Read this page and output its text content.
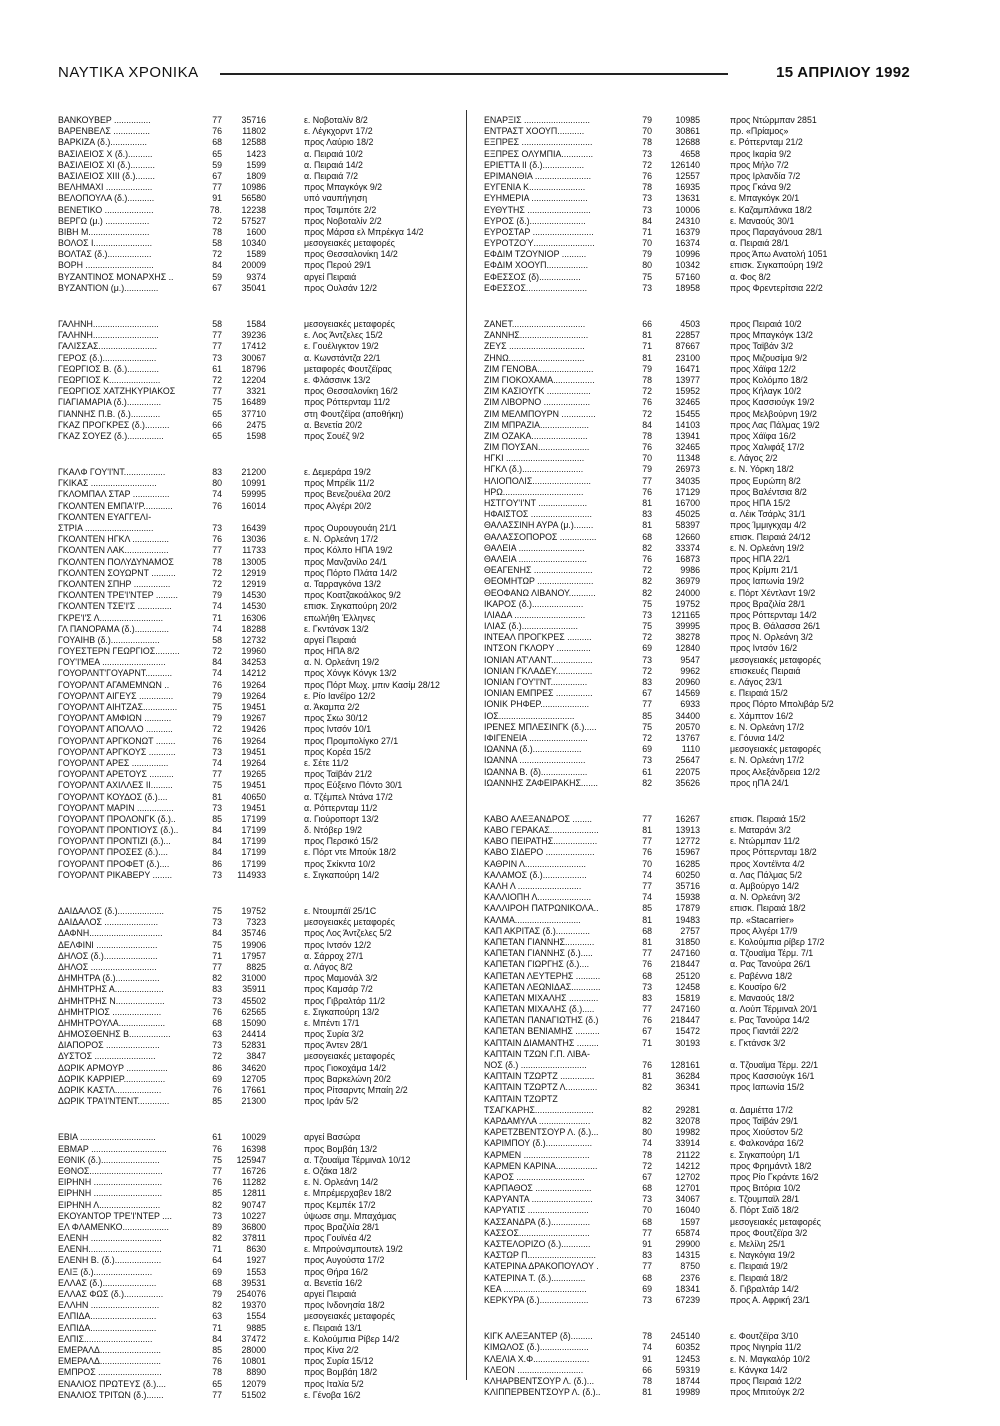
ΝΑΥΤΙΚΑ ΧΡΟΝΙΚΑ	15 ΑΠΡΙΛΙΟΥ 1992
ΒΑΝΚΟΥΒΕΡ ...............	77	35716	ε. Νοβοταλίν 8/2
ΒΑΡΕΝΒΕΛΣ ...............	76	11802	ε. Λέγκχορντ 17/2
ΒΑΡΚΙΖΑ (δ.)...............	68	12588	προς Λαύριο 18/2
ΒΑΣΙΛΕΙΟΣ Χ (δ.)..........	65	1423	α. Πειραιά 10/2
ΒΑΣΙΛΕΙΟΣ ΧΙ (δ.)..........	59	1599	α. Πειραιά 14/2
ΒΑΣΙΛΕΙΟΣ ΧΙΙΙ (δ.)........	67	1809	α. Πειραιά 7/2
ΒΕΛΗΜΑΧΙ ...................	77	10986	προς Μπαγκόγκ 9/2
ΒΕΛΟΠΟΥΛΑ (δ.)...........	91	56580	υπό ναυπήγηση
ΒΕΝΕΤΙΚΟ ....................	78.	12238	προς Τσιμπότε 2/2
ΒΕΡΓΩ (μ.) ..................	72	57527	προς Νοβοταλίν 2/2
ΒΙΒΗ Μ.........................	78	1600	προς Μάρσα ελ Μπρέκγα 14/2
ΒΟΛΟΣ Ι........................	58	10340	μεσογειακές μεταφορές
ΒΟΛΤΑΣ (δ.)..................	72	1589	προς Θεσσαλονίκη 14/2
ΒΟΡΗ ............................	84	20009	προς Περού 29/1
ΒΥΖΑΝΤΙΝΟΣ ΜΟΝΑΡΧΗΣ ..	59	9374	αργεί Πειραιά
ΒΥΖΑΝΤΙΟΝ (μ.)..............	67	35041	προς Ουλσάν 12/2
ΓΑΛΗΝΗ...........................	58	1584	μεσογειακές μεταφορές
ΓΑΛΗΝΗ...........................	77	39236	ε. Λος Άντζελες 15/2
ΓΑΛΙΣΣΑΣ........................	77	17412	ε. Γουέλιγκτον 19/2
ΓΕΡΟΣ (δ.)......................	73	30067	α. Κωνστάντζα 22/1
ΓΕΩΡΓΙΟΣ Β. (δ.).............	61	18796	μεταφορές Φουτζέϊρας
ΓΕΩΡΓΙΟΣ Κ.....................	72	12204	ε. Φλάσσινκ 13/2
ΓΕΩΡΓΙΟΣ ΧΑΤΖΗΚΥΡΙΑΚΟΣ	77	3321	προς Θεσσαλονίκη 16/2
ΓΙΑΓΙΑΜΑΡΙΑ (δ.)..............	75	16489	προς Ρόττερνταμ 11/2
ΓΙΑΝΝΗΣ Π.Β. (δ.)............	65	37710	στη Φουτζέϊρα (αποθήκη)
ΓΚΑΖ ΠΡΟΓΚΡΕΣ (δ.)..........	66	2475	α. Βενετία 20/2
ΓΚΑΖ ΣΟΥΕΖ (δ.)...............	65	1598	προς Σουέζ 9/2
ΓΚΑΛΦ ΓΟΥ'Ι'ΝΤ.................	83	21200	ε. Δεμεράρα 19/2
ΓΚΙΚΑΣ ...........................	80	10991	προς Μπρέϊκ 11/2
ΓΚΛΟΜΠΑΛ ΣΤΑΡ ...............	74	59995	προς Βενεζουέλα 20/2
ΓΚΟΛΝΤΕΝ ΕΜΠΑ'Ι'Ρ............	76	16014	προς Αλγέρι 20/2
ΓΚΟΛΝΤΕΝ ΕΥΑΓΓΕΛΙ-
ΣΤΡΙΑ ............................	73	16439	προς Ουρουγουάη 21/1
ΓΚΟΛΝΤΕΝ ΗΓΚΛ ...............	76	13036	ε. Ν. Ορλεάνη 17/2
ΓΚΟΛΝΤΕΝ ΛΑΚ..................	77	11733	προς Κόλπο ΗΠΑ 19/2
ΓΚΟΛΝΤΕΝ ΠΟΛΥΔΥΝΑΜΟΣ	78	13005	προς Μανζανίλο 24/1
ΓΚΟΛΝΤΕΝ ΣΟΥΩΡΝΤ ..........	72	12919	προς Πόρτο Πλάτα 14/2
ΓΚΟΛΝΤΕΝ ΣΠΗΡ ...............	72	12919	α. Ταρραγκόνα 13/2
ΓΚΟΛΝΤΕΝ ΤΡΕ'Ι'ΝΤΕΡ .........	79	14530	προς Κοατζακοάλκος 9/2
ΓΚΟΛΝΤΕΝ ΤΣΕ'Ι'Σ ..............	74	14530	επισκ. Σιγκαπούρη 20/2
ΓΚΡΕ'Ι'Σ Λ..........................	71	16306	επωλήθη Έλληνες
ΓΛ ΠΑΝΟΡΑΜΑ (δ.)..............	74	18288	ε. Γκντάνσκ 13/2
ΓΟΥΑΙΗΒ (δ.)....................	58	12732	αργεί Πειραιά
ΓΟΥΕΣΤΕΡΝ ΓΕΩΡΓΙΟΣ..........	72	19960	προς ΗΠΑ 8/2
ΓΟΥ'Ι'ΜΕΑ ..........................	84	34253	α. Ν. Ορλεάνη 19/2
ΓΟΥΟΡΛΝΤ'ΓΟΥΑΡΝΤ...........	74	14212	προς Χόνγκ Κόνγκ 13/2
ΓΟΥΟΡΛΝΤ ΑΓΑΜΕΜΝΩΝ ..	76	19264	προς Πόρτ Μωχ. μπιν Κασίμ 28/12
ΓΟΥΟΡΛΝΤ ΑΙΓΕΥΣ ..............	79	19264	ε. Ρίο Ιανέϊρο 12/2
ΓΟΥΟΡΛΝΤ ΑΙΗΤΖΑΣ..............	75	19451	α. Άκαμπα 2/2
ΓΟΥΟΡΛΝΤ ΑΜΦΙΩΝ ...........	79	19267	προς Σκω 30/12
ΓΟΥΟΡΛΝΤ ΑΠΟΛΛΟ ...........	72	19426	προς Ιντσόν 10/1
ΓΟΥΟΡΛΝΤ ΑΡΓΚΟΝΩΤ ........	76	19264	προς Προμπολίγκο 27/1
ΓΟΥΟΡΛΝΤ ΑΡΓΚΟΥΣ ...........	73	19451	προς Κορέα 15/2
ΓΟΥΟΡΛΝΤ ΑΡΕΣ ...............	74	19264	ε. Σέτε 11/2
ΓΟΥΟΡΛΝΤ ΑΡΕΤΟΥΣ ..........	77	19265	προς Ταϊβάν 21/2
ΓΟΥΟΡΛΝΤ ΑΧΙΛΛΕΣ ΙΙ.........	75	19451	προς Εύξεινο Πόντο 30/1
ΓΟΥΟΡΛΝΤ ΚΟΥΔΟΣ (δ.)....	81	40650	α. Τζέμπελ Ντάνα 17/2
ΓΟΥΟΡΛΝΤ ΜΑΡΙΝ ...............	73	19451	α. Ρόττερνταμ 11/2
ΓΟΥΟΡΛΝΤ ΠΡΟΛΟΝΓΚ (δ.)..	85	17199	α. Γιούροπορτ 13/2
ΓΟΥΟΡΛΝΤ ΠΡΟΝΤΙΟΥΣ (δ.)..	84	17199	δ. Ντόβερ 19/2
ΓΟΥΟΡΛΝΤ ΠΡΟΝΤΙΖΙ (δ.)...	84	17199	προς Περσικό 15/2
ΓΟΥΟΡΛΝΤ ΠΡΟΣΕΣ (δ.)....	84	17199	ε. Πόρτ ντε Μπούκ 18/2
ΓΟΥΟΡΛΝΤ ΠΡΟΦΕΤ (δ.)....	86	17199	προς Σκίκντα 10/2
ΓΟΥΟΡΛΝΤ ΡΙΚΑΒΕΡΥ ........	73	114933	ε. Σιγκαπούρη 14/2
ΔΑΙΔΑΛΟΣ (δ.)...................	75	19752	ε. Ντουμπάϊ 25/1C
ΔΑΙΔΑΛΟΣ ......................	73	7323	μεσογειακές μεταφορές
ΔΑΦΝΗ..............................	84	35746	προς Λος Άντζελες 5/2
ΔΕΛΦΙΝΙ .........................	75	19906	προς Ιντσόν 12/2
ΔΗΛΟΣ (δ.)......................	71	17957	α. Σάρροχ 27/1
ΔΗΛΟΣ ...........................	77	8825	α. Λάγος 8/2
ΔΗΜΗΤΡΑ (δ.)..................	82	31000	προς Μαμονάλ 3/2
ΔΗΜΗΤΡΗΣ Α....................	83	35911	προς Καμσάρ 7/2
ΔΗΜΗΤΡΗΣ Ν....................	73	45502	προς Γιβραλτάρ 11/2
ΔΗΜΗΤΡΙΟΣ ....................	76	62565	ε. Σιγκαπούρη 13/2
ΔΗΜΗΤΡΟΥΛΑ...................	68	15090	ε. Μπέντι 17/1
ΔΗΜΟΣΘΕΝΗΣ Β.................	63	24414	προς Συρία 3/2
ΔΙΑΠΟΡΟΣ ......................	73	52831	προς Άντεν 28/1
ΔΥΣΤΟΣ .........................	72	3847	μεσογειακές μεταφορές
ΔΩΡΙΚ ΑΡΜΟΥΡ .................	86	34620	προς Γιοκοχάμα 14/2
ΔΩΡΙΚ ΚΑΡΡΙΕΡ.................	69	12705	προς Βαρκελώνη 20/2
ΔΩΡΙΚ ΚΑΣΤΛ...................	76	17661	προς Ρίτσαρντς Μπαίη 2/2
ΔΩΡΙΚ ΤΡΑ'Ι'ΝΤΕΝΤ.............	85	21300	προς Ιράν 5/2
ΕΒΙΑ ...............................	61	10029	αργεί Βασώρα
ΕΒΜΑΡ ...............................	76	16398	προς Βομβάη 13/2
ΕΘΝΙΚ (δ.)........................	75	125947	α. Τζουαϊμα Τέρμιναλ 10/12
ΕΘΝΟΣ..............................	77	16726	ε. Οζάκα 18/2
ΕΙΡΗΝΗ ............................	76	11282	ε. Ν. Ορλεάνη 14/2
ΕΙΡΗΝΗ ............................	85	12811	ε. Μπρέμερχαβεν 18/2
ΕΙΡΗΝΗ Λ.........................	82	90747	προς Κεμπέκ 17/2
ΕΚΟΥΑΝΤΟΡ ΤΡΕ'Ι'ΝΤΕΡ ....	73	10227	ύψωσε σημ. Μπαχάμας
ΕΛ ΦΛΑΜΕΝΚΟ...................	89	36800	προς Βραζιλία 28/1
ΕΛΕΝΗ .............................	82	37811	προς Γουϊνέα 4/2
ΕΛΕΝΗ..............................	71	8630	ε. Μπρούνσμπουτελ 19/2
ΕΛΕΝΗ Β. (δ.)...................	64	1927	προς Αυγούστα 17/2
ΕΛΙΞ (δ.)........................	69	1553	προς Θήρα 16/2
ΕΛΛΑΣ (δ.)......................	68	39531	α. Βενετία 16/2
ΕΛΛΑΣ ΦΩΣ (δ.)................	79	254076	αργεί Πειραιά
ΕΛΛΗΝ ............................	82	19370	προς Ινδονησία 18/2
ΕΛΠΙΔΑ...........................	63	1554	μεσογειακές μεταφορές
ΕΛΠΙΔΑ...........................	71	9885	ε. Πειραιά 13/1
ΕΛΠΙΣ............................	84	37472	ε. Κολούμπια Ρίβερ 14/2
ΕΜΕΡΑΛΔ.........................	85	28000	προς Κίνα 2/2
ΕΜΕΡΑΛΔ.........................	76	10801	προς Συρία 15/12
ΕΜΠΡΟΣ ..........................	78	8890	προς Βομβάη 18/2
ΕΝΑΛΙΟΣ ΠΡΩΤΕΥΣ (δ.)....	65	12079	προς Ιταλία 5/2
ΕΝΑΛΙΟΣ ΤΡΙΤΩΝ (δ.).......	77	51502	ε. Γένοβα 16/2
ΕΝΑΡΞΙΣ ...........................	79	10985	προς Ντώρμπαν 2851
ΕΝΤΡΑΣΤ ΧΟΟΥΠ...........	70	30861	πρ. «Πρίαμος»
ΕΞΠΡΕΣ .............................	78	12688	ε. Ρόττερνταμ 21/2
ΕΞΠΡΕΣ ΟΛΥΜΠΙΑ.............	73	4658	προς Ικαρία 9/2
ΕΡΙΕΤΤΑ ΙΙ (δ.).................	72	126140	προς Μήλο 7/2
ΕΡΙΜΑΝΘΙΑ .......................	76	12557	προς Ιρλανδία 7/2
ΕΥΓΕΝΙΑ Κ.......................	78	16935	προς Γκάνα 9/2
ΕΥΗΜΕΡΙΑ .......................	73	13631	ε. Μπαγκόγκ 20/1
ΕΥΘΥΤΗΣ ..........................	73	10006	ε. Καζαμπλάνκα 18/2
ΕΥΡΟΣ (δ.).......................	84	24310	ε. Μαναούς 30/1
ΕΥΡΟΣΤΑΡ .........................	71	16379	προς Παραγάνουα 28/1
ΕΥΡΟΤΖΟΎ.........................	70	16374	α. Πειραιά 28/1
ΕΦΔΙΜ ΤΖΟΥΝΙΟΡ ..........	79	10996	προς Άπω Ανατολή 1051
ΕΦΔΙΜ ΧΟΟΥΠ.................	80	10342	επισκ. Σιγκαπούρη 19/2
ΕΦΕΣΣΟΣ (δ).................	75	57160	α. Φος 8/2
ΕΦΕΣΣΟΣ.........................	73	18958	προς Φρεντερίτσια 22/2
ΖΑΝΕΤ..............................	66	4503	προς Πειραιά 10/2
ΖΑΝΝΗΣ............................	81	22857	προς Μπαγκόγκ 13/2
ΖΕΥΣ ...............................	71	87667	προς Ταϊβάν 3/2
ΖΗΝΩ...............................	81	23100	προς Μιζουσίμα 9/2
ΖΙΜ ΓΕΝΟΒΑ.......................	79	16471	προς Χάϊφα 12/2
ΖΙΜ ΓΙΟΚΟΧΑΜΑ.................	78	13977	προς Κολόμπο 18/2
ΖΙΜ ΚΑΣΙΟΥΓΚ ..................	72	15952	προς Κήλαγκ 10/2
ΖΙΜ ΛΙΒΟΡΝΟ ...................	76	32465	προς Κασσιούγκ 19/2
ΖΙΜ ΜΕΛΜΠΟΥΡΝ ..............	72	15455	προς Μελβούρνη 19/2
ΖΙΜ ΜΠΡΑΖΙΑ....................	84	14103	προς Λας Πάλμας 19/2
ΖΙΜ ΟΖΑΚΑ.......................	78	13941	προς Χάϊφα 16/2
ΖΙΜ ΠΟΥΣΑΝ.....................	76	32465	προς Χαλιφάξ 17/2
ΗΓΚΙ ................................	70	11348	ε. Λάγος 2/2
ΗΓΚΛ (δ.).........................	79	26973	ε. Ν. Υόρκη 18/2
ΗΛΙΟΠΟΛΙΣ........................	77	34035	προς Ευρώπη 8/2
ΗΡΩ.................................	76	17129	προς Βαλέντσια 8/2
ΗΣΤΓΟΥ'Ι'ΝΤ ....................	81	16700	προς ΗΠΑ 15/2
ΗΦΑΙΣΤΟΣ .........................	83	45025	α. Λέικ Τσάρλς 31/1
ΘΑΛΑΣΣΙΝΗ ΑΥΡΑ (μ.)........	81	58397	προς Ίμμιγκχαμ 4/2
ΘΑΛΑΣΣΟΠΟΡΟΣ ...............	68	12660	επισκ. Πειραιά 24/12
ΘΑΛΕΙΑ ...........................	82	33374	ε. Ν. Ορλεάνη 19/2
ΘΑΛΕΙΑ ............................	76	16873	προς ΗΠΑ 22/1
ΘΕΑΓΕΝΗΣ ........................	72	9986	προς Κρίμπι 21/1
ΘΕΟΜΗΤΩΡ .......................	82	36979	προς Ιαπωνία 19/2
ΘΕΟΦΑΝΩ ΛΙΒΑΝΟΥ...........	82	24000	ε. Πόρτ Χέντλαντ 19/2
ΙΚΑΡΟΣ (δ.).....................	75	19752	προς Βραζιλία 28/1
ΙΛΙΑΔΑ .............................	73	121165	προς Ρόττερνταμ 14/2
ΙΛΙΑΣ (δ.).......................	75	39995	προς Β. Θάλασσα 26/1
ΙΝΤΕΑΛ ΠΡΟΓΚΡΕΣ ..........	72	38278	προς Ν. Ορλεάνη 3/2
ΙΝΤΣΟΝ ΓΚΛΟΡΥ ..............	69	12840	προς Ιντσόν 16/2
ΙΟΝΙΑΝ ΑΤ'ΛΑΝΤ.................	73	9547	μεσογειακές μεταφορές
ΙΟΝΙΑΝ ΓΚΛΑΔΕΥ...............	72	9962	επισκευές Πειραιά
ΙΟΝΙΑΝ ΓΟΥ'Ι'ΝΤ...............	83	20960	ε. Λάγος 23/1
ΙΟΝΙΑΝ ΕΜΠΡΕΣ ...............	67	14569	ε. Πειραιά 15/2
ΙΟΝΙΚ ΡΗΦΕΡ....................	77	6933	προς Πόρτο Μπολιβάρ 5/2
ΙΟΣ...............................	85	34400	ε. Χάμπτον 16/2
ΙΡΕΝΕΣ ΜΠΛΕΣΙΝΓΚ (δ.).....	75	20570	ε. Ν. Ορλεάνη 17/2
ΙΦΙΓΕΝΕΙΑ ........................	72	13767	ε. Γόυνια 14/2
ΙΩΑΝΝΑ (δ.)....................	69	1110	μεσογειακές μεταφορές
ΙΩΑΝΝΑ ...........................	73	25647	ε. Ν. Ορλεάνη 17/2
ΙΩΑΝΝΑ Β. (δ)...................	61	22075	προς Αλεξάνδρεια 12/2
ΙΩΑΝΝΗΣ ΖΑΦΕΙΡΑΚΗΣ.......	82	35626	προς ηΠΑ 24/1
ΚΑΒΟ ΑΛΕΞΑΝΔΡΟΣ ........	77	16267	επισκ. Πειραιά 15/2
ΚΑΒΟ ΓΕΡΑΚΑΣ....................	81	13913	ε. Ματαράνι 3/2
ΚΑΒΟ ΠΕΙΡΑΤΗΣ..................	77	12772	ε. Ντώρμπαν 11/2
ΚΑΒΟ ΣΙΔΕΡΟ ....................	76	15967	προς Ρόττερνταμ 18/2
ΚΑΘΡΙΝ Λ.........................	70	16285	προς Χοντέϊντα 4/2
ΚΑΛΑΜΟΣ (δ.)..................	74	60250	α. Λας Πάλμας 5/2
ΚΑΛΗ Λ ..........................	77	35716	α. Αμβούργο 14/2
ΚΑΛΛΙΟΠΗ Λ......................	74	15938	α. Ν. Ορλεάνη 3/2
ΚΑΛΛΙΡΟΗ ΠΑΤΡΩΝΙΚΟΛΑ..	85	17879	επισκ. Πειραιά 18/2
ΚΑΛΜΑ...........................	81	19483	πρ. «Stacarrier»
ΚΑΠ ΑΚΡΙΤΑΣ (δ.)..............	68	2757	προς Αλγέρι 17/9
ΚΑΠΕΤΑΝ ΓΙΑΝΝΗΣ............	81	31850	ε. Κολούμπια ρίβερ 17/2
ΚΑΠΕΤΑΝ ΓΙΑΝΝΗΣ (δ.).....	77	247160	α. Τζουαϊμα Τέρμ. 7/1
ΚΑΠΕΤΑΝ ΓΙΩΡΓΗΣ (δ.)....	76	218447	α. Ρας Τανούρα 26/1
ΚΑΠΕΤΑΝ ΛΕΥΤΕΡΗΣ ..........	68	25120	ε. Ραβέννα 18/2
ΚΑΠΕΤΑΝ ΛΕΩΝΙΔΑΣ............	73	12458	ε. Κουσίρο 6/2
ΚΑΠΕΤΑΝ ΜΙΧΑΛΗΣ ............	83	15819	ε. Μαναούς 18/2
ΚΑΠΕΤΑΝ ΜΙΧΑΛΗΣ (δ.).....	77	247160	α. Λούπ Τέρμιναλ 20/1
ΚΑΠΕΤΑΝ ΠΑΝΑΓΙΩΤΗΣ (δ.)	76	218447	ε. Ρας Τανούρα 14/2
ΚΑΠΕΤΑΝ ΒΕΝΙΑΜΗΣ ..........	67	15472	προς Γιαντάϊ 22/2
ΚΑΠΤΑΙΝ ΔΙΑΜΑΝΤΗΣ .........	71	30193	ε. Γκτάνσκ 3/2
ΚΑΠΤΑΙΝ ΤΖΩΝ Γ.Π. ΛΙΒΑ-
ΝΟΣ (δ.) ...........................	76	128161	α. Τζουαϊμα Τέρμ. 22/1
ΚΑΠΤΑΙΝ ΤΖΩΡΤΖ ..............	81	36284	προς Κασσιούγκ 16/1
ΚΑΠΤΑΙΝ ΤΖΩΡΤΖ Λ.............	82	36341	προς Ιαπωνία 15/2
ΚΑΠΤΑΙΝ ΤΖΩΡΤΖ
ΤΣΑΓΚΑΡΗΣ........................	82	29281	α. Δαμιέττα 17/2
ΚΑΡΔΑΜΥΛΑ .....................	82	32078	προς Ταϊβάν 29/1
ΚΑΡΕΤΖΒΕΝΤΣΟΥΡ Λ. (δ.)...	80	19982	προς Χιούστον 5/2
ΚΑΡΙΜΠΟΥ (δ.)...................	74	33914	ε. Φαλκονάρα 16/2
ΚΑΡΜΕΝ ...........................	78	21122	ε. Σιγκαπούρη 1/1
ΚΑΡΜΕΝ ΚΑΡΙΝΑ.................	72	14212	προς Φρημάντλ 18/2
ΚΑΡΟΣ ............................	67	12702	προς Ρίο Γκράντε 16/2
ΚΑΡΠΑΘΟΣ .......................	68	12701	προς Βιτόρια 10/2
ΚΑΡΥΑΝΤΑ .........................	73	34067	ε. Τζουμπαϊλ 28/1
ΚΑΡΥΑΤΙΣ .........................	70	16040	δ. Πόρτ Σαϊδ 18/2
ΚΑΣΣΑΝΔΡΑ (δ.)................	68	1597	μεσογειακές μεταφορές
ΚΑΣΣΟΣ.............................	77	65874	προς Φουτζέϊρα 3/2
ΚΑΣΤΕΛΟΡΙΖΟ (δ.)............	91	29900	ε. Μελίλη 25/1
ΚΑΣΤΩΡ Π............................	83	14315	ε. Ναγκόγια 19/2
ΚΑΤΕΡΙΝΑ ΔΡΑΚΟΠΟΥΛΟΥ .	77	8750	ε. Πειραιά 19/2
ΚΑΤΕΡΙΝΑ Τ. (δ.)..............	68	2376	ε. Πειραιά 18/2
ΚΕΑ ..................................	69	18341	δ. Γιβραλτάρ 14/2
ΚΕΡΚΥΡΑ (δ.)....................	73	67239	προς Α. Αφρική 23/1
ΚΙΓΚ ΑΛΕΞΑΝΤΕΡ (δ).........	78	245140	ε. Φουτζέϊρα 3/10
ΚΙΜΩΛΟΣ (δ.)....................	74	60352	προς Νιγηρία 11/2
ΚΛΕΛΙΑ Χ.Φ.......................	91	12453	ε. Ν. Μαγκαλόρ 10/2
ΚΛΕΟΝ ...........................	66	59319	ε. Κάνγκα 14/2
ΚΛΗΑΡΒΕΝΤΣΟΥΡ Λ. (δ.)...	78	18744	προς Πειραιά 12/2
ΚΛΙΠΠΕΡΒΕΝΤΣΟΥΡ Λ. (δ.)..	81	19989	προς Μπιτούγκ 2/2
